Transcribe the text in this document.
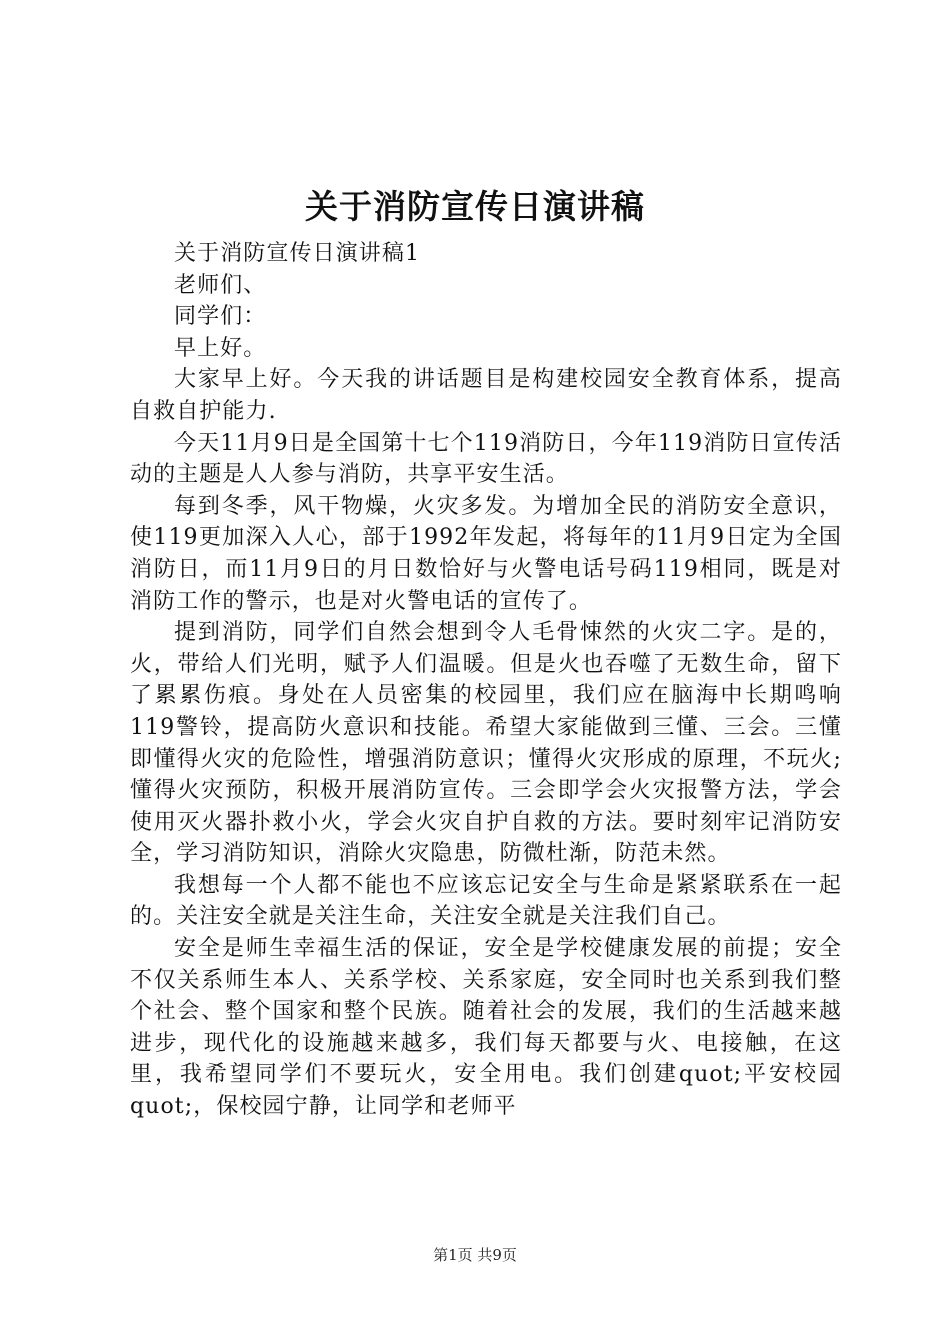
关于消防宣传日演讲稿

关于消防宣传日演讲稿1

老师们、

同学们：

早上好。

大家早上好。今天我的讲话题目是构建校园安全教育体系，提高自救自护能力.

今天11月9日是全国第十七个119消防日，今年119消防日宣传活动的主题是人人参与消防，共享平安生活。

每到冬季，风干物燥，火灾多发。为增加全民的消防安全意识，使119更加深入人心，部于1992年发起，将每年的11月9日定为全国消防日，而11月9日的月日数恰好与火警电话号码119相同，既是对消防工作的警示，也是对火警电话的宣传了。

提到消防，同学们自然会想到令人毛骨悚然的火灾二字。是的，火，带给人们光明，赋予人们温暖。但是火也吞噬了无数生命，留下了累累伤痕。身处在人员密集的校园里，我们应在脑海中长期鸣响119警铃，提高防火意识和技能。希望大家能做到三懂、三会。三懂即懂得火灾的危险性，增强消防意识；懂得火灾形成的原理，不玩火;懂得火灾预防，积极开展消防宣传。三会即学会火灾报警方法，学会使用灭火器扑救小火，学会火灾自护自救的方法。要时刻牢记消防安全，学习消防知识，消除火灾隐患，防微杜渐，防范未然。

我想每一个人都不能也不应该忘记安全与生命是紧紧联系在一起的。关注安全就是关注生命，关注安全就是关注我们自己。

安全是师生幸福生活的保证，安全是学校健康发展的前提；安全不仅关系师生本人、关系学校、关系家庭，安全同时也关系到我们整个社会、整个国家和整个民族。随着社会的发展，我们的生活越来越进步，现代化的设施越来越多，我们每天都要与火、电接触，在这里，我希望同学们不要玩火，安全用电。我们创建quot;平安校园quot;，保校园宁静，让同学和老师平

第1页 共9页
